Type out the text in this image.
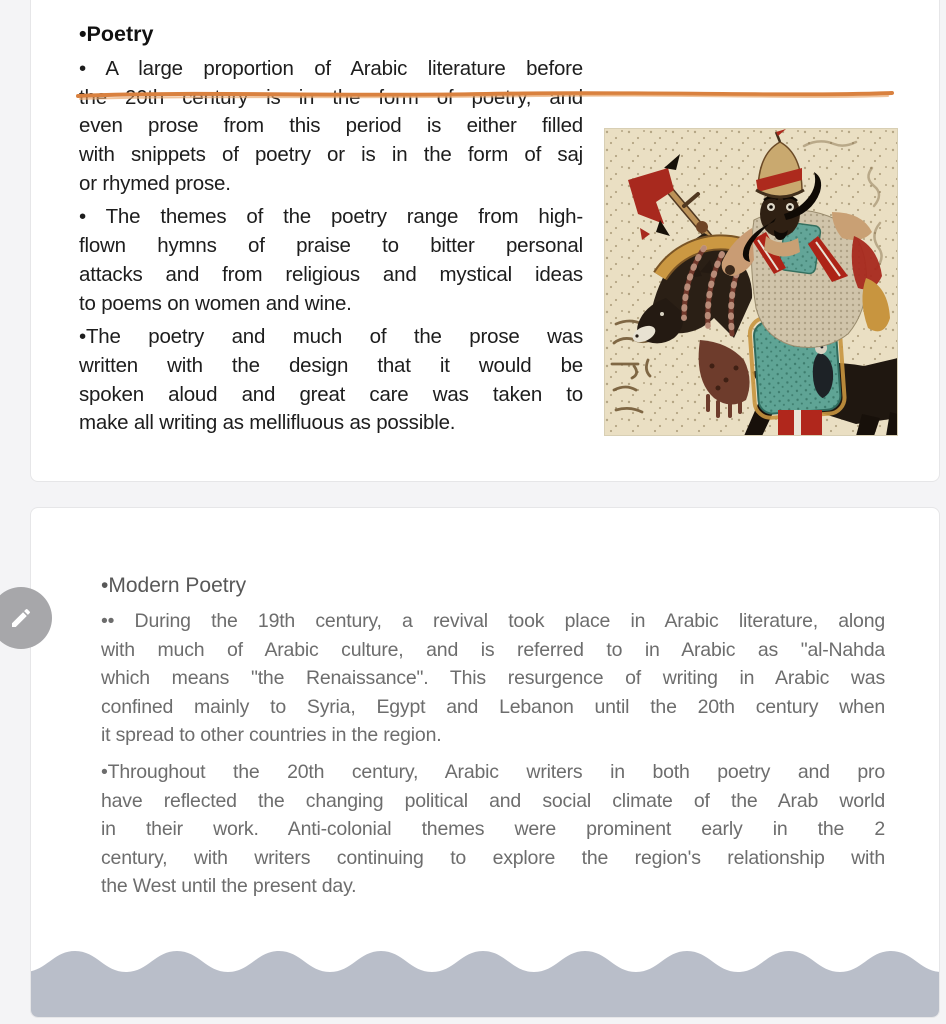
•Poetry
• A large proportion of Arabic literature before
the 20th century is in the form of poetry, and
even prose from this period is either filled
with snippets of poetry or is in the form of saj
or rhymed prose.
• The themes of the poetry range from high-
flown hymns of praise to bitter personal
attacks and from religious and mystical ideas
to poems on women and wine.
•The poetry and much of the prose was
written with the design that it would be
spoken aloud and great care was taken to
make all writing as mellifluous as possible.
•Modern Poetry
•• During the 19th century, a revival took place in Arabic literature, along
with much of Arabic culture, and is referred to in Arabic as "al-Nahda
which means "the Renaissance". This resurgence of writing in Arabic was
confined mainly to Syria, Egypt and Lebanon until the 20th century when
it spread to other countries in the region.
•Throughout the 20th century, Arabic writers in both poetry and pro
have reflected the changing political and social climate of the Arab world
in their work. Anti-colonial themes were prominent early in the 2
century, with writers continuing to explore the region's relationship with
the West until the present day.
